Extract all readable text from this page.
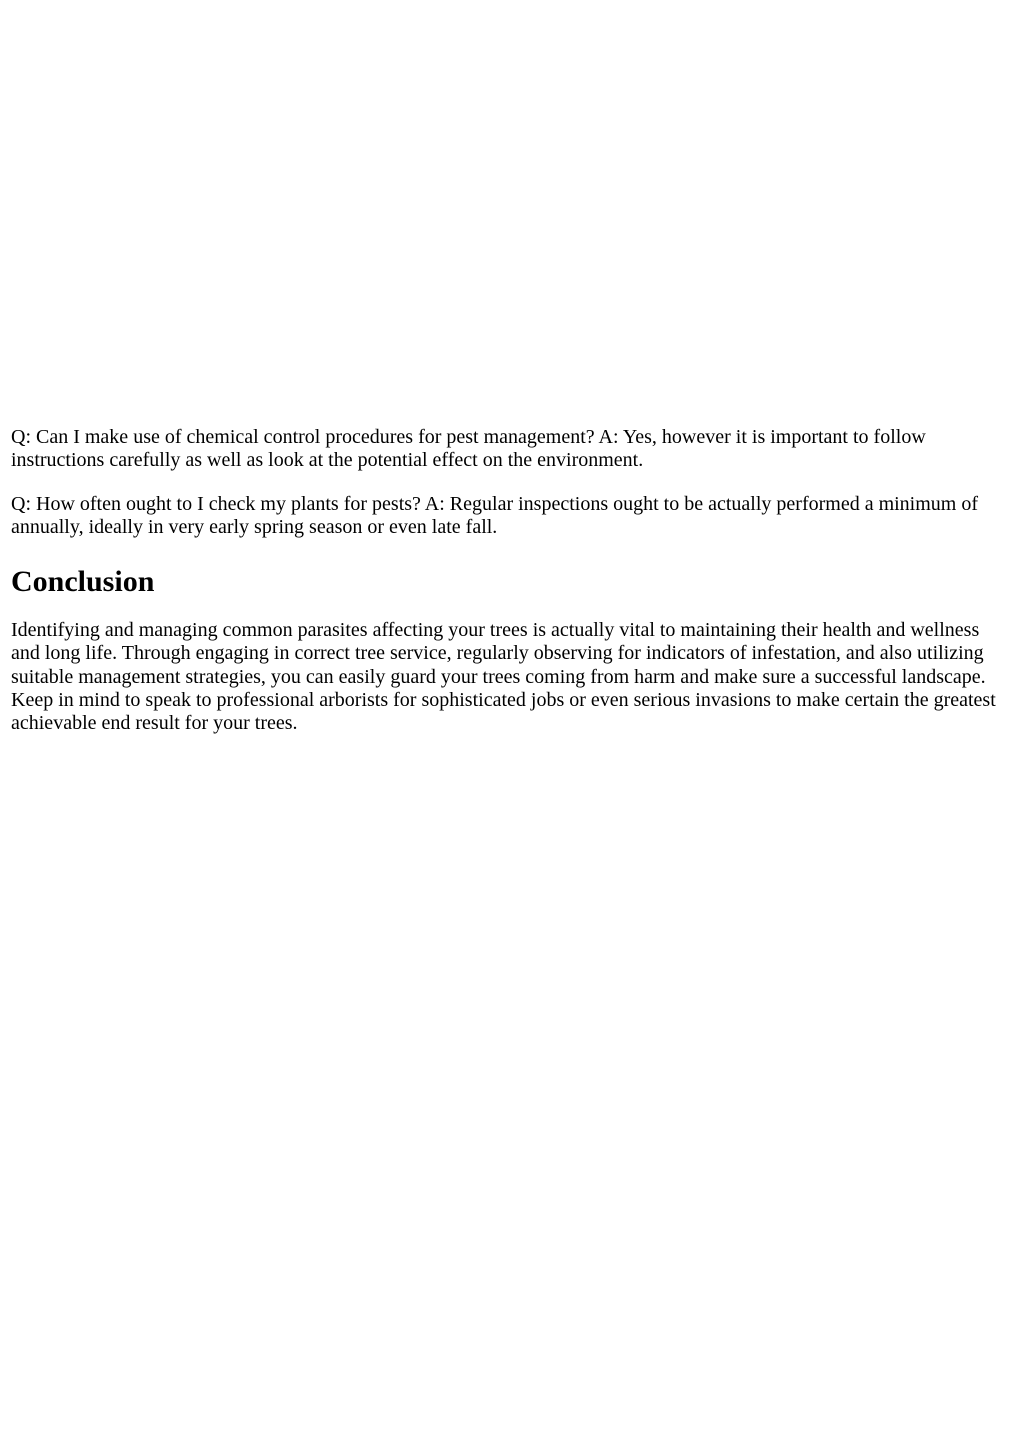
Q: Can I make use of chemical control procedures for pest management? A: Yes, however it is important to follow instructions carefully as well as look at the potential effect on the environment.

Q: How often ought to I check my plants for pests? A: Regular inspections ought to be actually performed a minimum of annually, ideally in very early spring season or even late fall.

Conclusion

Identifying and managing common parasites affecting your trees is actually vital to maintaining their health and wellness and long life. Through engaging in correct tree service, regularly observing for indicators of infestation, and also utilizing suitable management strategies, you can easily guard your trees coming from harm and make sure a successful landscape. Keep in mind to speak to professional arborists for sophisticated jobs or even serious invasions to make certain the greatest achievable end result for your trees.
